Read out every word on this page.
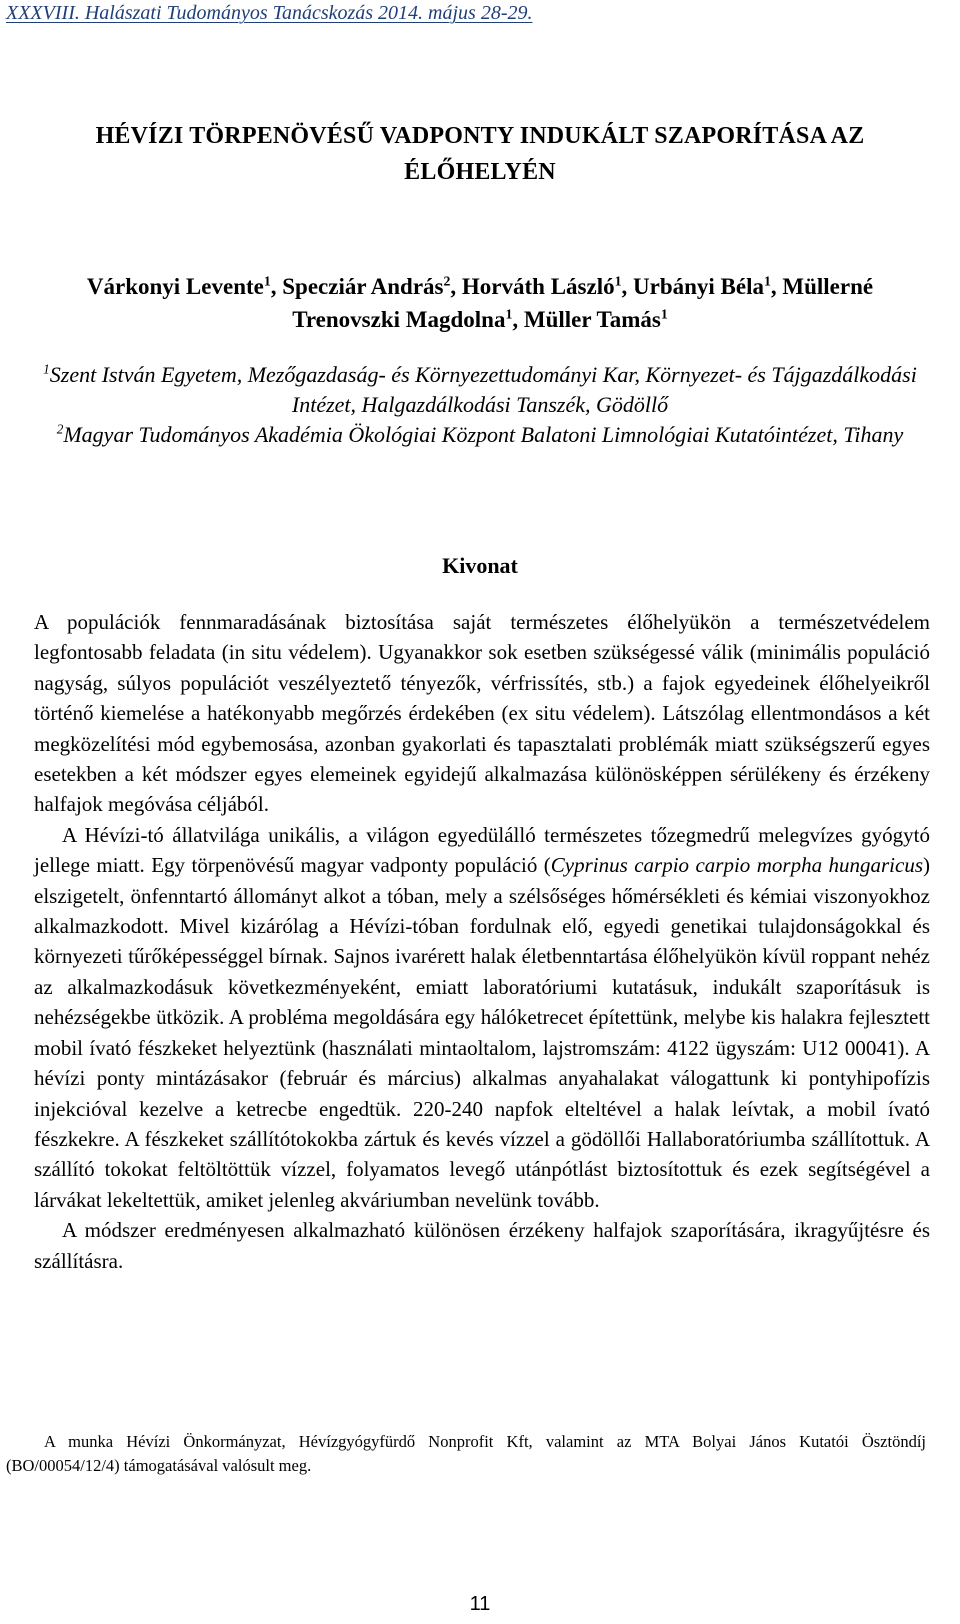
XXXVIII. Halászati Tudományos Tanácskozás 2014. május 28-29.
HÉVÍZI TÖRPENÖVÉSŰ VADPONTY INDUKÁLT SZAPORÍTÁSA AZ ÉLŐHELYÉN
Várkonyi Levente$^1$, Specziár András$^2$, Horváth László$^1$, Urbányi Béla$^1$, Müllerné Trenovszki Magdolna$^1$, Müller Tamás$^1$
$^1$Szent István Egyetem, Mezőgazdaság- és Környezettudományi Kar, Környezet- és Tájgazdálkodási Intézet, Halgazdálkodási Tanszék, Gödöllő
$^2$Magyar Tudományos Akadémia Ökológiai Központ Balatoni Limnológiai Kutatóintézet, Tihany
Kivonat

A populációk fennmaradásának biztosítása saját természetes élőhelyükön a természetvédelem legfontosabb feladata (in situ védelem). Ugyanakkor sok esetben szükségessé válik (minimális populáció nagyság, súlyos populációt veszélyeztető tényezők, vérfrissítés, stb.) a fajok egyedeinek élőhelyeikről történő kiemelése a hatékonyabb megőrzés érdekében (ex situ védelem). Látszólag ellentmondásos a két megközelítési mód egybemosása, azonban gyakorlati és tapasztalati problémák miatt szükségszerű egyes esetekben a két módszer egyes elemeinek egyidejű alkalmazása különösképpen sérülékeny és érzékeny halfajok megóvása céljából.

A Hévízi-tó állatvilága unikális, a világon egyedülálló természetes tőzegmedrű melegvízes gyógytó jellege miatt. Egy törpenövésű magyar vadponty populáció (Cyprinus carpio carpio morpha hungaricus) elszigetelt, önfenntartó állományt alkot a tóban, mely a szélsőséges hőmérsékleti és kémiai viszonyokhoz alkalmazkodott. Mivel kizárólag a Hévízi-tóban fordulnak elő, egyedi genetikai tulajdonságokkal és környezeti tűrőképességgel bírnak. Sajnos ivarérett halak életbenntartása élőhelyükön kívül roppant nehéz az alkalmazkodásuk következményeként, emiatt laboratóriumi kutatásuk, indukált szaporításuk is nehézségekbe ütközik. A probléma megoldására egy hálóketrecet építettünk, melybe kis halakra fejlesztett mobil ívató fészkeket helyeztünk (használati mintaoltalom, lajstromszám: 4122 ügyszám: U12 00041). A hévízi ponty mintázásakor (február és március) alkalmas anyahalakat válogattunk ki pontyhipofízis injekcióval kezelve a ketrecbe engedtük. 220-240 napfok elteltével a halak leívtak, a mobil ívató fészkekre. A fészkeket szállítótokokba zártuk és kevés vízzel a gödöllői Hallaboratóriumba szállítottuk. A szállító tokokat feltöltöttük vízzel, folyamatos levegő utánpótlást biztosítottuk és ezek segítségével a lárvákat lekeltettük, amiket jelenleg akváriumban nevelünk tovább.

A módszer eredményesen alkalmazható különösen érzékeny halfajok szaporítására, ikragyűjtésre és szállításra.

A munka Hévízi Önkormányzat, Hévízgyógyfürdő Nonprofit Kft, valamint az MTA Bolyai János Kutatói Ösztöndíj (BO/00054/12/4) támogatásával valósult meg.
11
